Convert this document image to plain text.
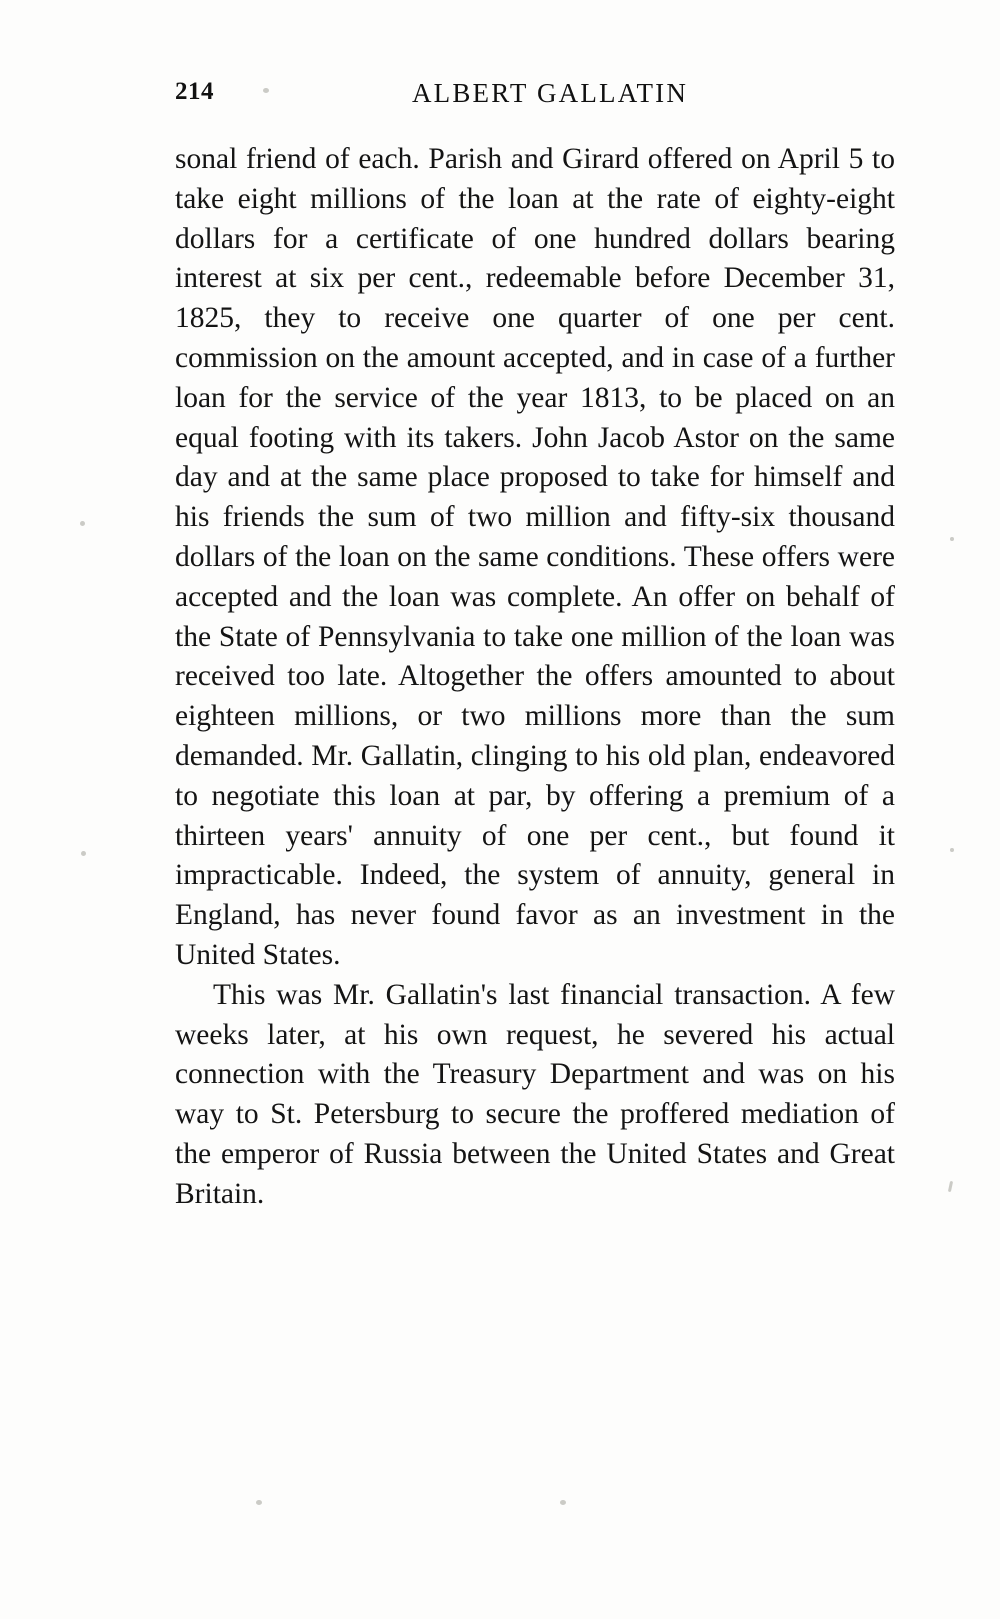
214	ALBERT GALLATIN

sonal friend of each. Parish and Girard offered on April 5 to take eight millions of the loan at the rate of eighty-eight dollars for a certificate of one hundred dollars bearing interest at six per cent., redeemable before December 31, 1825, they to receive one quarter of one per cent. commission on the amount accepted, and in case of a further loan for the service of the year 1813, to be placed on an equal footing with its takers. John Jacob Astor on the same day and at the same place proposed to take for himself and his friends the sum of two million and fifty-six thousand dollars of the loan on the same conditions. These offers were accepted and the loan was complete. An offer on behalf of the State of Pennsylvania to take one million of the loan was received too late. Altogether the offers amounted to about eighteen millions, or two millions more than the sum demanded. Mr. Gallatin, clinging to his old plan, endeavored to negotiate this loan at par, by offering a premium of a thirteen years' annuity of one per cent., but found it impracticable. Indeed, the system of annuity, general in England, has never found favor as an investment in the United States.

This was Mr. Gallatin's last financial transaction. A few weeks later, at his own request, he severed his actual connection with the Treasury Department and was on his way to St. Petersburg to secure the proffered mediation of the emperor of Russia between the United States and Great Britain.
